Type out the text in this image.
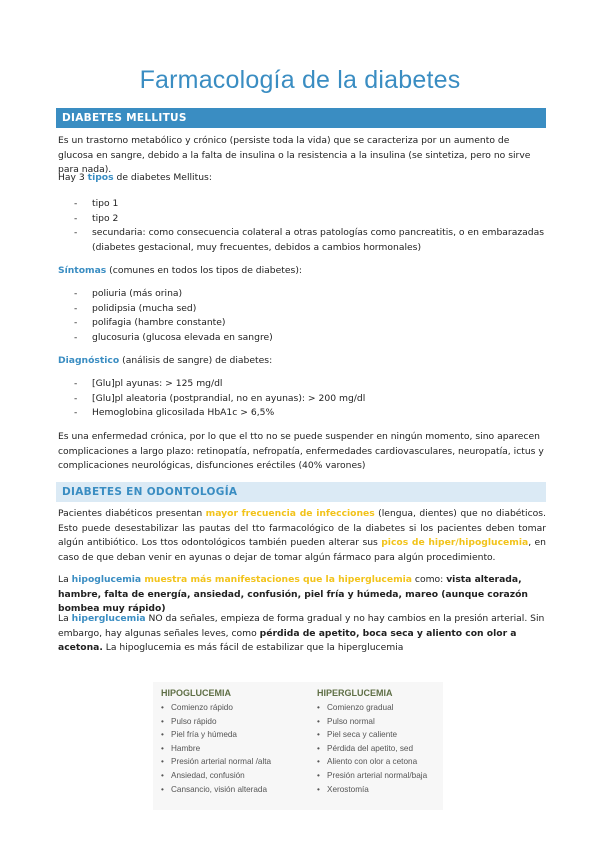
Farmacología de la diabetes
DIABETES MELLITUS

Es un trastorno metabólico y crónico (persiste toda la vida) que se caracteriza por un aumento de glucosa en sangre, debido a la falta de insulina o la resistencia a la insulina (se sintetiza, pero no sirve para nada).

Hay 3 tipos de diabetes Mellitus:

- tipo 1
- tipo 2
- secundaria: como consecuencia colateral a otras patologías como pancreatitis, o en embarazadas (diabetes gestacional, muy frecuentes, debidos a cambios hormonales)

Síntomas (comunes en todos los tipos de diabetes):

- poliuria (más orina)
- polidipsia (mucha sed)
- polifagia (hambre constante)
- glucosuria (glucosa elevada en sangre)

Diagnóstico (análisis de sangre) de diabetes:

- [Glu]pl ayunas: > 125 mg/dl
- [Glu]pl aleatoria (postprandial, no en ayunas): > 200 mg/dl
- Hemoglobina glicosilada HbA1c > 6,5%

Es una enfermedad crónica, por lo que el tto no se puede suspender en ningún momento, sino aparecen complicaciones a largo plazo: retinopatía, nefropatía, enfermedades cardiovasculares, neuropatía, ictus y complicaciones neurológicas, disfunciones eréctiles (40% varones)

DIABETES EN ODONTOLOGÍA

Pacientes diabéticos presentan mayor frecuencia de infecciones (lengua, dientes) que no diabéticos. Esto puede desestabilizar las pautas del tto farmacológico de la diabetes si los pacientes deben tomar algún antibiótico. Los ttos odontológicos también pueden alterar sus picos de hiper/hipoglucemia, en caso de que deban venir en ayunas o dejar de tomar algún fármaco para algún procedimiento.

La hipoglucemia muestra más manifestaciones que la hiperglucemia como: vista alterada, hambre, falta de energía, ansiedad, confusión, piel fría y húmeda, mareo (aunque corazón bombea muy rápido)

La hiperglucemia NO da señales, empieza de forma gradual y no hay cambios en la presión arterial. Sin embargo, hay algunas señales leves, como pérdida de apetito, boca seca y aliento con olor a acetona. La hipoglucemia es más fácil de estabilizar que la hiperglucemia

HIPOGLUCEMIA
• Comienzo rápido
• Pulso rápido
• Piel fría y húmeda
• Hambre
• Presión arterial normal /alta
• Ansiedad, confusión
• Cansancio, visión alterada
HIPERGLUCEMIA
• Comienzo gradual
• Pulso normal
• Piel seca y caliente
• Pérdida del apetito, sed
• Aliento con olor a cetona
• Presión arterial normal/baja
• Xerostomía
